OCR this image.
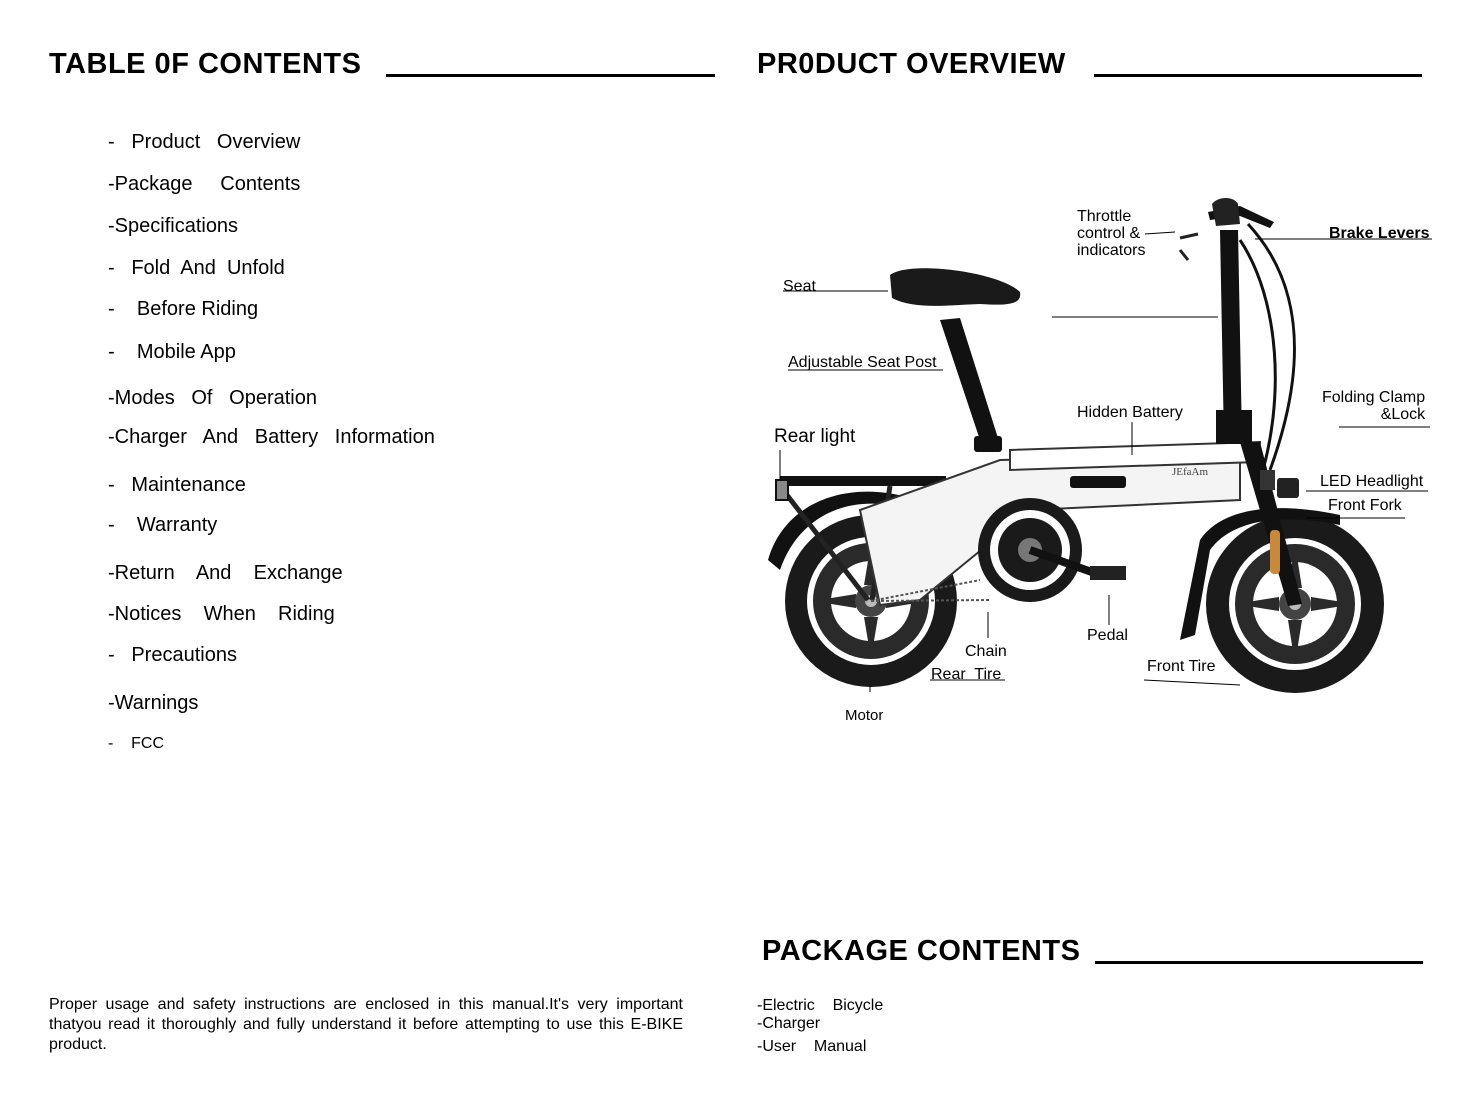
TABLE 0F CONTENTS
-   Product   Overview
-Package     Contents
-Specifications
-   Fold  And  Unfold
-    Before Riding
-    Mobile App
-Modes   Of   Operation
-Charger   And   Battery   Information
-   Maintenance
-    Warranty
-Return    And    Exchange
-Notices    When    Riding
-   Precautions
-Warnings
-    FCC
Proper usage and safety instructions are enclosed in this manual.It's very important thatyou read it thoroughly and fully understand it before attempting to use this E-BIKE product.
PR0DUCT OVERVIEW
JEfaAm
Throttle
control &
indicators
Brake Levers
Seat
Adjustable Seat Post
Folding Clamp
&Lock
Hidden Battery
Rear light
LED Headlight
Front Fork
Chain
Pedal
Rear  Tire	Front Tire
Motor
PACKAGE CONTENTS
-Electric    Bicycle
-Charger
-User    Manual
